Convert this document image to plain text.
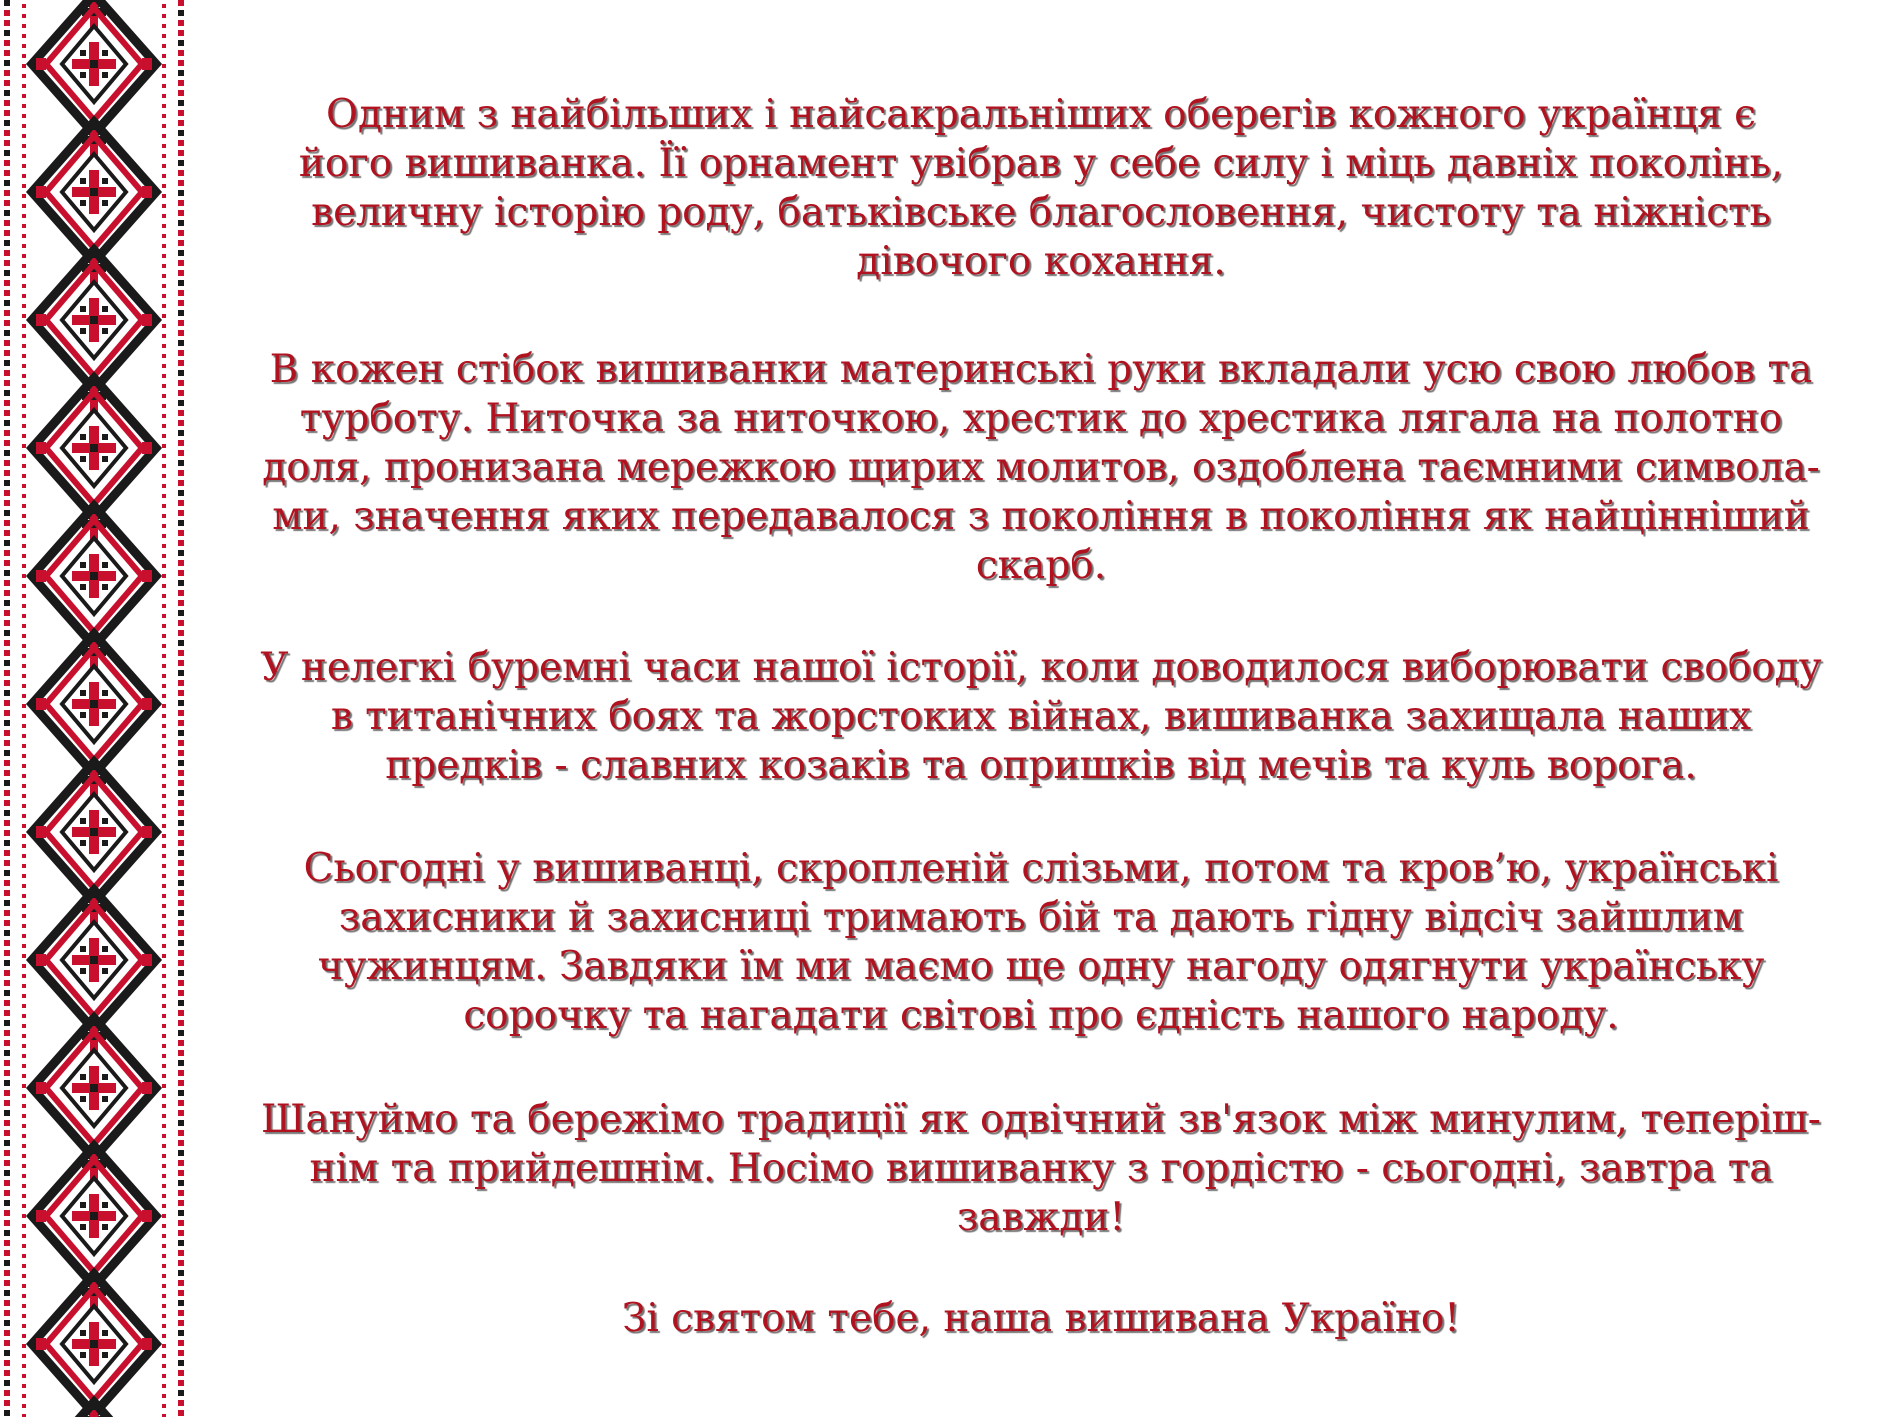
Одним з найбільших і найсакральніших оберегів кожного українця є
його вишиванка. Її орнамент увібрав у себе силу і міць давніх поколінь,
величну історію роду, батьківське благословення, чистоту та ніжність
дівочого кохання.

В кожен стібок вишиванки материнські руки вкладали усю свою любов та
турботу. Ниточка за ниточкою, хрестик до хрестика лягала на полотно
доля, пронизана мережкою щирих молитов, оздоблена таємними символа-
ми, значення яких передавалося з покоління в покоління як найцінніший
скарб.

У нелегкі буремні часи нашої історії, коли доводилося виборювати свободу
в титанічних боях та жорстоких війнах, вишиванка захищала наших
предків - славних козаків та опришків від мечів та куль ворога.

Сьогодні у вишиванці, скропленій слізьми, потом та кров’ю, українські
захисники й захисниці тримають бій та дають гідну відсіч зайшлим
чужинцям. Завдяки їм ми маємо ще одну нагоду одягнути українську
сорочку та нагадати світові про єдність нашого народу.

Шануймо та бережімо традиції як одвічний зв'язок між минулим, теперіш-
нім та прийдешнім. Носімо вишиванку з гордістю - сьогодні, завтра та
завжди!

Зі святом тебе, наша вишивана Україно!
